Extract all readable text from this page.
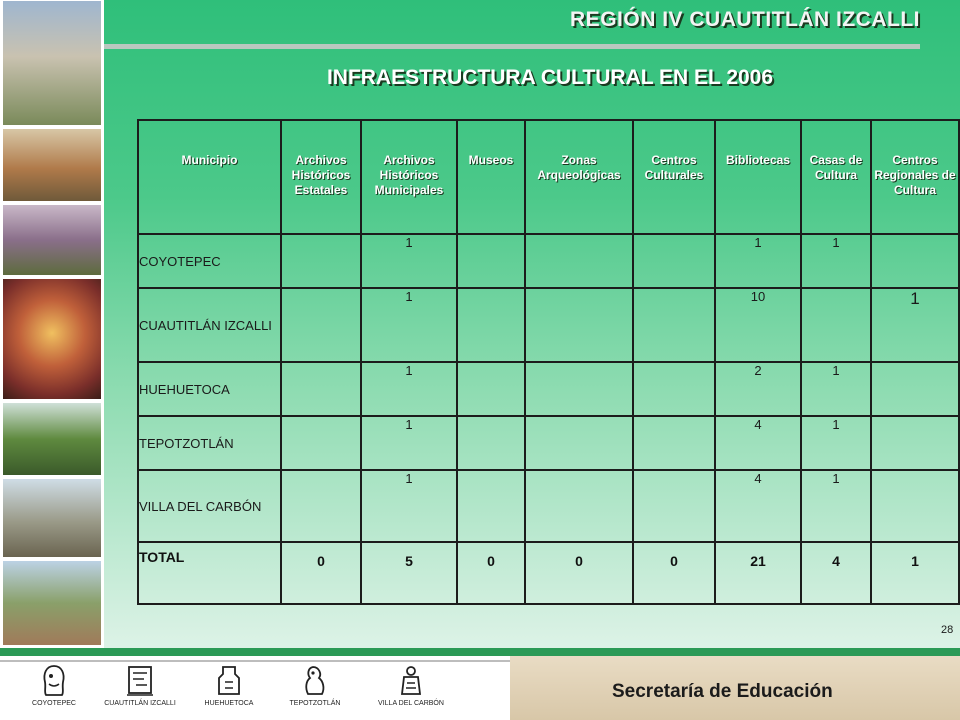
REGIÓN IV CUAUTITLÁN IZCALLI
INFRAESTRUCTURA CULTURAL EN EL 2006
Municipio	Archivos Históricos Estatales	Archivos Históricos Municipales	Museos	Zonas Arqueológicas	Centros Culturales	Bibliotecas	Casas de Cultura	Centros Regionales de Cultura
COYOTEPEC		1				1	1	
CUAUTITLÁN IZCALLI		1				10		1
HUEHUETOCA		1				2	1	
TEPOTZOTLÁN		1				4	1	
VILLA DEL CARBÓN		1				4	1	
TOTAL	0	5	0	0	0	21	4	1
28
COYOTEPEC	CUAUTITLÁN IZCALLI	HUEHUETOCA	TEPOTZOTLÁN	VILLA DEL CARBÓN
Secretaría de Educación
